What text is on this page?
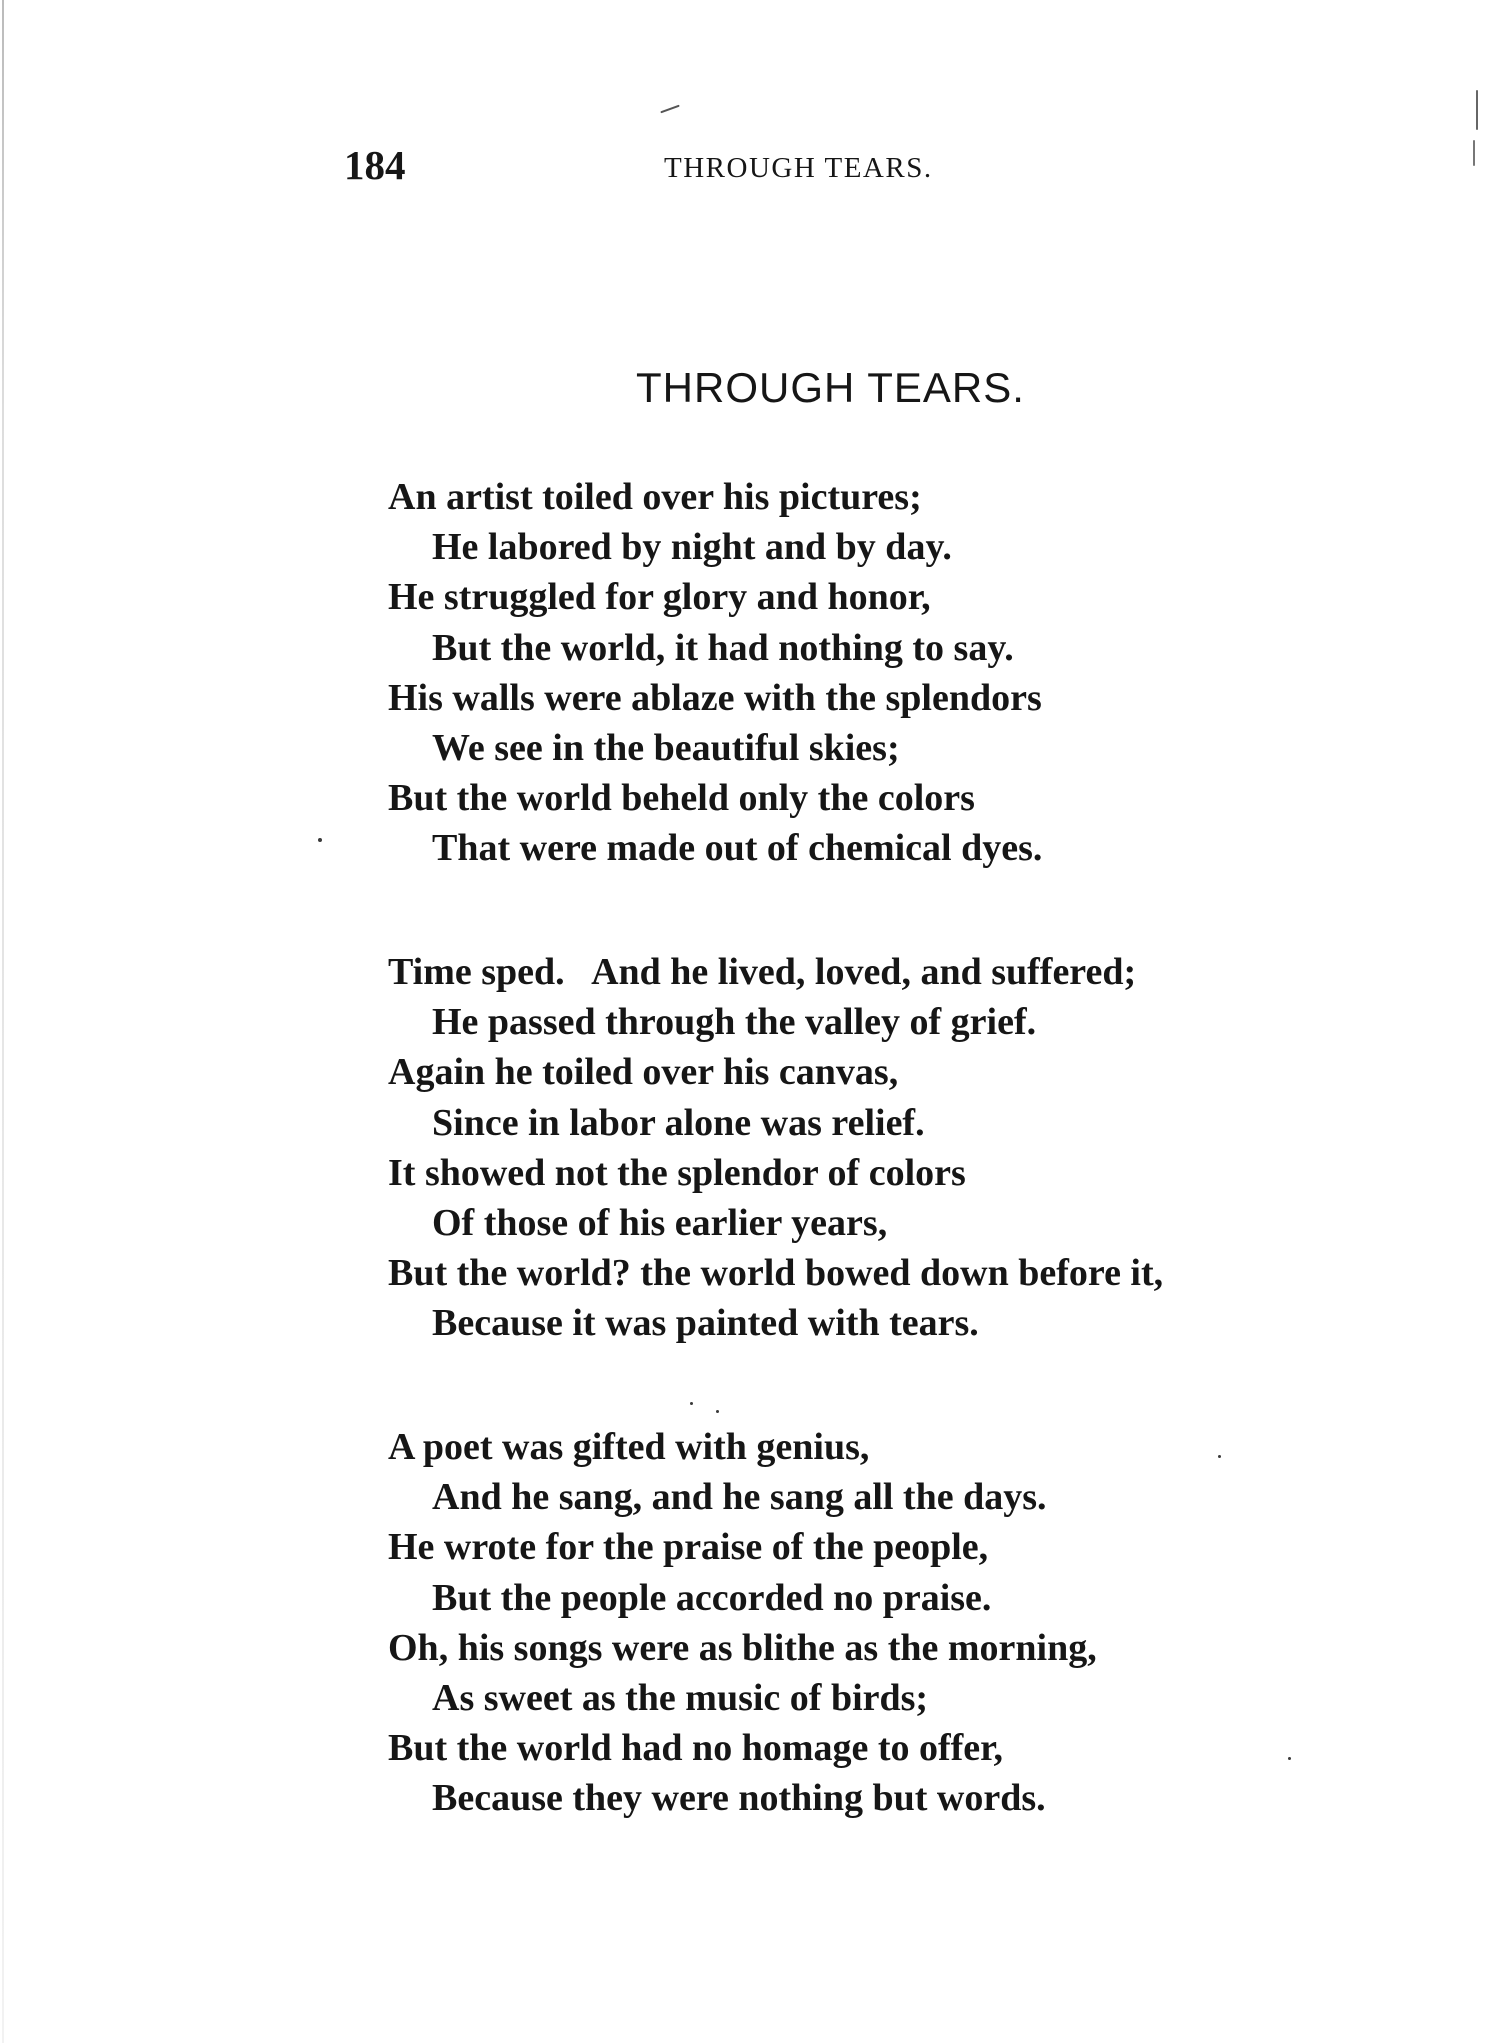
184	THROUGH TEARS.
THROUGH TEARS.
An artist toiled over his pictures;
He labored by night and by day.
He struggled for glory and honor,
But the world, it had nothing to say.
His walls were ablaze with the splendors
We see in the beautiful skies;
But the world beheld only the colors
That were made out of chemical dyes.
Time sped.   And he lived, loved, and suffered;
He passed through the valley of grief.
Again he toiled over his canvas,
Since in labor alone was relief.
It showed not the splendor of colors
Of those of his earlier years,
But the world? the world bowed down before it,
Because it was painted with tears.
A poet was gifted with genius,
And he sang, and he sang all the days.
He wrote for the praise of the people,
But the people accorded no praise.
Oh, his songs were as blithe as the morning,
As sweet as the music of birds;
But the world had no homage to offer,
Because they were nothing but words.
